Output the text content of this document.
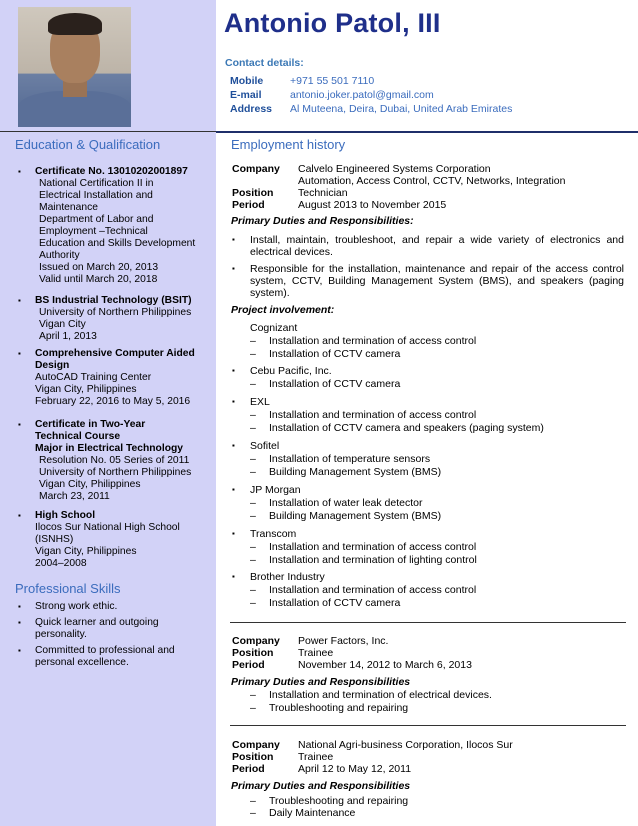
Education & Qualification
▪ Certificate No. 13010202001897
National Certification II in
Electrical Installation and
Maintenance
Department of Labor and
Employment –Technical
Education and Skills Development
Authority
Issued on March 20, 2013
Valid until March 20, 2018
▪ BS Industrial Technology (BSIT)
University of Northern Philippines
Vigan City
April 1, 2013
▪ Comprehensive Computer Aided
Design
AutoCAD Training Center
Vigan City, Philippines
February 22, 2016 to May 5, 2016
▪ Certificate in Two-Year
Technical Course
Major in Electrical Technology
Resolution No. 05 Series of 2011
University of Northern Philippines
Vigan City, Philippines
March 23, 2011
▪ High School
Ilocos Sur National High School
(ISNHS)
Vigan City, Philippines
2004–2008
Professional Skills
▪ Strong work ethic.
▪ Quick learner and outgoing
personality.
▪ Committed to professional and
personal excellence.
Antonio Patol, III
Contact details:
Mobile	+971 55 501 7110
E-mail	antonio.joker.patol@gmail.com
Address	Al Muteena, Deira, Dubai, United Arab Emirates
Employment history
Company	Calvelo Engineered Systems Corporation
Automation, Access Control, CCTV, Networks, Integration
Position	Technician
Period	August 2013 to November 2015
Primary Duties and Responsibilities:
▪ Install, maintain, troubleshoot, and repair a wide variety of electronics and electrical devices.
▪ Responsible for the installation, maintenance and repair of the access control system, CCTV, Building Management System (BMS), and speakers (paging system).
Project involvement:
Cognizant
– Installation and termination of access control
– Installation of CCTV camera
▪ Cebu Pacific, Inc.
– Installation of CCTV camera
▪ EXL
– Installation and termination of access control
– Installation of CCTV camera and speakers (paging system)
▪ Sofitel
– Installation of temperature sensors
– Building Management System (BMS)
▪ JP Morgan
– Installation of water leak detector
– Building Management System (BMS)
▪ Transcom
– Installation and termination of access control
– Installation and termination of lighting control
▪ Brother Industry
– Installation and termination of access control
– Installation of CCTV camera
Company	Power Factors, Inc.
Position	Trainee
Period	November 14, 2012 to March 6, 2013
Primary Duties and Responsibilities
– Installation and termination of electrical devices.
– Troubleshooting and repairing
Company	National Agri-business Corporation, Ilocos Sur
Position	Trainee
Period	April 12 to May 12, 2011
Primary Duties and Responsibilities
– Troubleshooting and repairing
– Daily Maintenance
